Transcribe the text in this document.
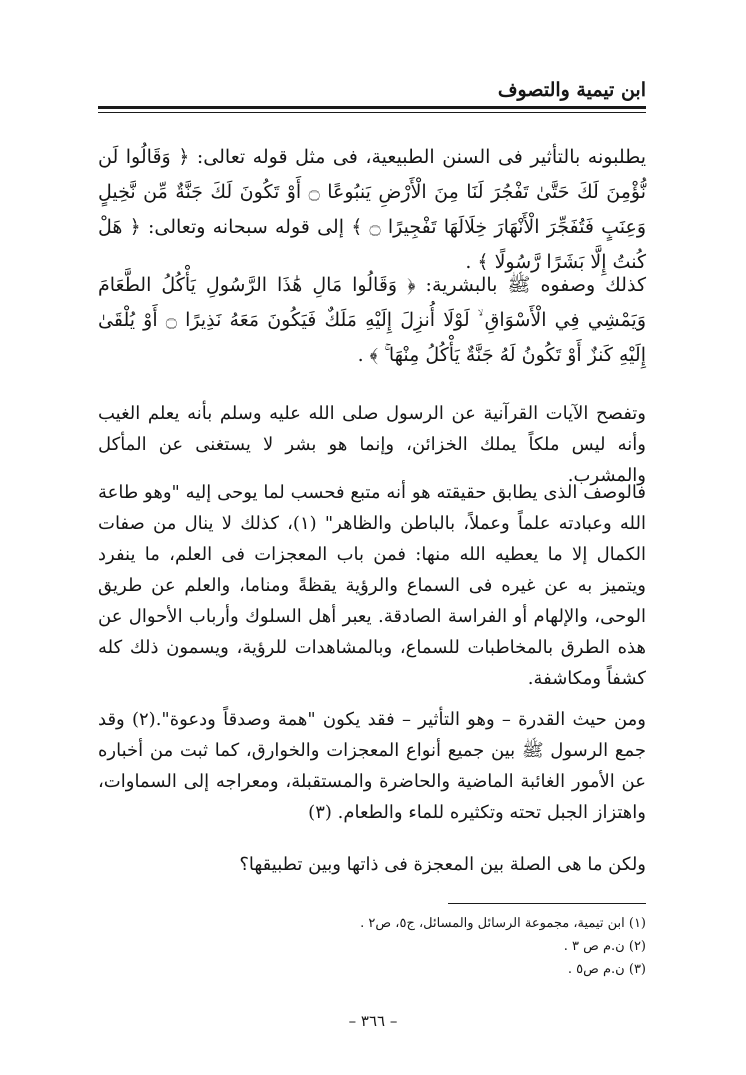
ابن تيمية والتصوف
يطلبونه بالتأثير فى السنن الطبيعية، فى مثل قوله تعالى: ﴿ وَقَالُوا لَن نُّؤْمِنَ لَكَ حَتَّىٰ تَفْجُرَ لَنَا مِنَ الْأَرْضِ يَنبُوعًا ۝ أَوْ تَكُونَ لَكَ جَنَّةٌ مِّن نَّخِيلٍ وَعِنَبٍ فَتُفَجِّرَ الْأَنْهَارَ خِلَالَهَا تَفْجِيرًا ۝ ﴾ إلى قوله سبحانه وتعالى: ﴿ هَلْ كُنتُ إِلَّا بَشَرًا رَّسُولًا ﴾ .
كذلك وصفوه ﷺ بالبشرية: ﴿ وَقَالُوا مَالِ هَٰذَا الرَّسُولِ يَأْكُلُ الطَّعَامَ وَيَمْشِي فِي الْأَسْوَاقِ ۙ لَوْلَا أُنزِلَ إِلَيْهِ مَلَكٌ فَيَكُونَ مَعَهُ نَذِيرًا ۝ أَوْ يُلْقَىٰ إِلَيْهِ كَنزٌ أَوْ تَكُونُ لَهُ جَنَّةٌ يَأْكُلُ مِنْهَا ۚ ﴾ .
وتفصح الآيات القرآنية عن الرسول صلى الله عليه وسلم بأنه يعلم الغيب وأنه ليس ملكاً يملك الخزائن، وإنما هو بشر لا يستغنى عن المأكل والمشرب.
فالوصف الذى يطابق حقيقته هو أنه متبع فحسب لما يوحى إليه "وهو طاعة الله وعبادته علماً وعملاً، بالباطن والظاهر" (١)، كذلك لا ينال من صفات الكمال إلا ما يعطيه الله منها: فمن باب المعجزات فى العلم، ما ينفرد ويتميز به عن غيره فى السماع والرؤية يقظةً ومناما، والعلم عن طريق الوحى، والإلهام أو الفراسة الصادقة. يعبر أهل السلوك وأرباب الأحوال عن هذه الطرق بالمخاطبات للسماع، وبالمشاهدات للرؤية، ويسمون ذلك كله كشفاً ومكاشفة.
ومن حيث القدرة – وهو التأثير – فقد يكون "همة وصدقاً ودعوة".(٢) وقد جمع الرسول ﷺ بين جميع أنواع المعجزات والخوارق، كما ثبت من أخباره عن الأمور الغائبة الماضية والحاضرة والمستقبلة، ومعراجه إلى السماوات، واهتزاز الجبل تحته وتكثيره للماء والطعام. (٣)
ولكن ما هى الصلة بين المعجزة فى ذاتها وبين تطبيقها؟
(١) ابن تيمية، مجموعة الرسائل والمسائل، ج٥، ص٢ .
(٢) ن.م ص ٣ .
(٣) ن.م ص٥ .
– ٣٦٦ –
